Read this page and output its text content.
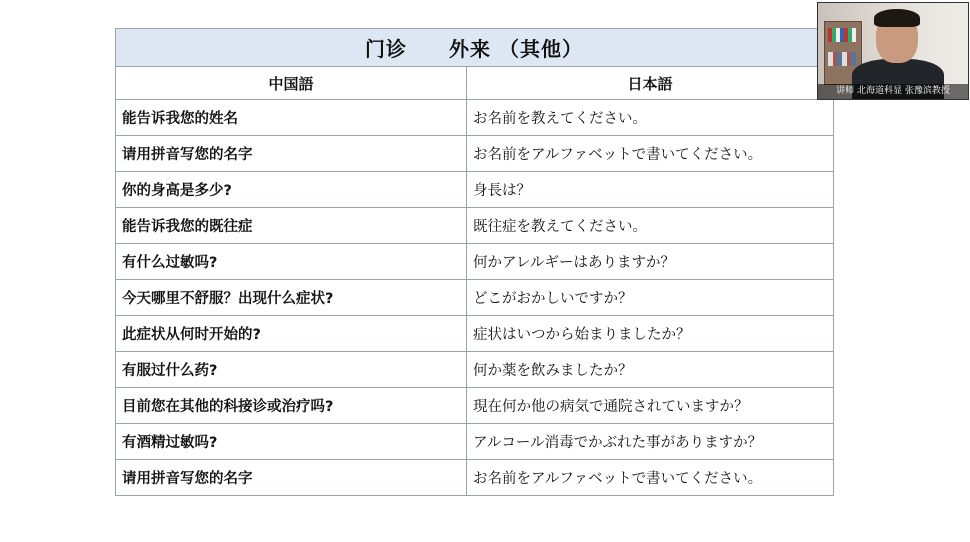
门诊　　外来 （其他）
中国語	日本語
能告诉我您的姓名	お名前を教えてください。
请用拼音写您的名字	お名前をアルファベットで書いてください。
你的身高是多少?	身長は？
能告诉我您的既往症	既往症を教えてください。
有什么过敏吗?	何かアレルギーはありますか？
今天哪里不舒服？出现什么症状?	どこがおかしいですか？
此症状从何时开始的?	症状はいつから始まりましたか？
有服过什么药?	何か薬を飲みましたか？
目前您在其他的科接诊或治疗吗?	現在何か他の病気で通院されていますか？
有酒精过敏吗?	アルコール消毒でかぶれた事がありますか？
请用拼音写您的名字	お名前をアルファベットで書いてください。
讲师 北海道科显 张豫滨教授
